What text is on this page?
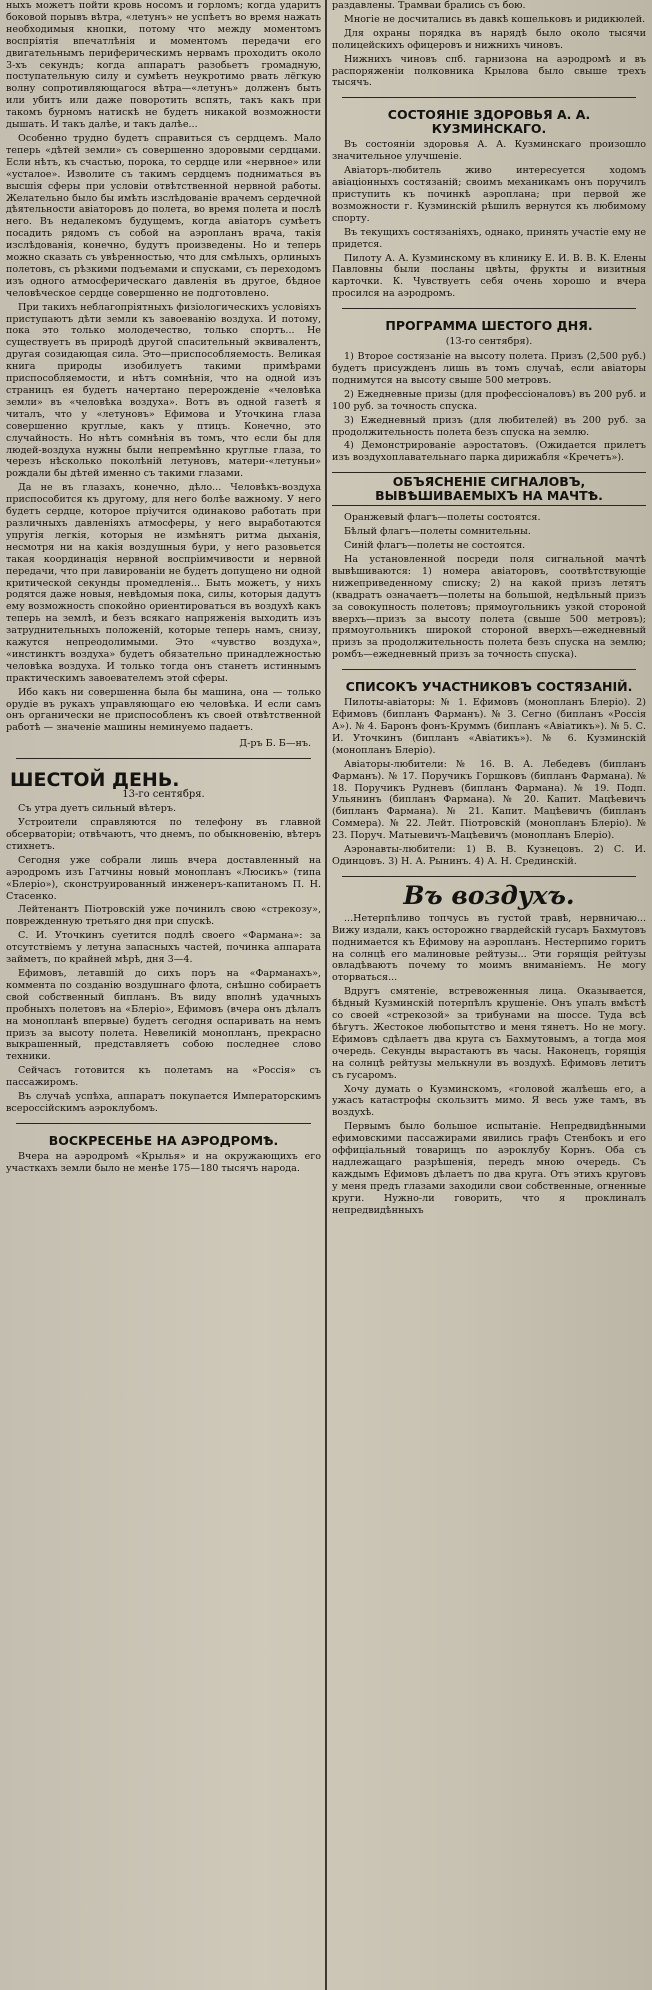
ныхъ можетъ пойти кровь носомъ и горломъ; когда ударитъ боковой порывъ вѣтра, «летунъ» не успѣетъ во время нажать необходимыя кнопки, потому что между моментомъ воспріятія впечатлѣнія и моментомъ передачи его двигательнымъ периферическимъ нервамъ проходитъ около 3-хъ секундъ; когда аппаратъ разобьетъ громадную, поступательную силу и сумѣетъ неукротимо рвать лёгкую волну сопротивляющагося вѣтра—«летунъ» долженъ быть или убитъ или даже поворотить вспять, такъ какъ при такомъ бурномъ натискѣ не будетъ никакой возможности дышать. И такъ далѣе, и такъ далѣе...

Особенно трудно будетъ справиться съ сердцемъ. Мало теперь «дѣтей земли» съ совершенно здоровыми сердцами. Если нѣтъ, къ счастью, порока, то сердце или «нервное» или «усталое». Изволите съ такимъ сердцемъ подниматься въ высшія сферы при условіи отвѣтственной нервной работы. Желательно было бы имѣть изслѣдованіе врачемъ сердечной дѣятельности авіаторовъ до полета, во время полета и послѣ него. Въ недалекомъ будущемъ, когда авіаторъ сумѣетъ посадить рядомъ съ собой на аэропланъ врача, такія изслѣдованія, конечно, будутъ произведены. Но и теперь можно сказать съ увѣренностью, что для смѣлыхъ, орлиныхъ полетовъ, съ рѣзкими подъемами и спусками, съ переходомъ изъ одного атмосферическаго давленія въ другое, бѣдное человѣческое сердце совершенно не подготовлено.

При такихъ неблагопріятныхъ физіологическихъ условіяхъ приступаютъ дѣти земли къ завоеванію воздуха. И потому, пока это только молодечество, только спортъ... Не существуетъ въ природѣ другой спасительный эквивалентъ, другая созидающая сила. Это—приспособляемость. Великая книга природы изобилуетъ такими примѣрами приспособляемости, и нѣтъ сомнѣнія, что на одной изъ страницъ ея будетъ начертано перерожденіе «человѣка земли» въ «человѣка воздуха». Вотъ въ одной газетѣ я читалъ, что у «летуновъ» Ефимова и Уточкина глаза совершенно круглые, какъ у птицъ. Конечно, это случайность. Но нѣтъ сомнѣнія въ томъ, что если бы для людей-воздуха нужны были непремѣнно круглые глаза, то черезъ нѣсколько поколѣній летуновъ, матери-«летуньи» рождали бы дѣтей именно съ такими глазами.

Да не въ глазахъ, конечно, дѣло... Человѣкъ-воздуха приспособится къ другому, для него болѣе важному. У него будетъ сердце, которое пріучится одинаково работать при различныхъ давленіяхъ атмосферы, у него выработаются упругія легкія, которыя не измѣнятъ ритма дыханія, несмотря ни на какія воздушныя бури, у него разовьется такая координація нервной воспріимчивости и нервной передачи, что при лавированіи не будетъ допущено ни одной критической секунды промедленія... Быть можетъ, у нихъ родятся даже новыя, невѣдомыя пока, силы, которыя дадутъ ему возможность спокойно ориентироваться въ воздухѣ какъ теперь на землѣ, и безъ всякаго напряженія выходить изъ затруднительныхъ положеній, которые теперь намъ, снизу, кажутся непреодолимыми. Это «чувство воздуха», «инстинктъ воздуха» будетъ обязательно принадлежностью человѣка воздуха. И только тогда онъ станетъ истиннымъ практическимъ завоевателемъ этой сферы.

Ибо какъ ни совершенна была бы машина, она — только орудіе въ рукахъ управляющаго ею человѣка. И если самъ онъ органически не приспособленъ къ своей отвѣтственной работѣ — значеніе машины неминуемо падаетъ.

Д-ръ Б. Б—нъ.

ШЕСТОЙ ДЕНЬ.
13-го сентября.

Съ утра дуетъ сильный вѣтеръ.

Устроители справляются по телефону въ главной обсерваторіи; отвѣчаютъ, что днемъ, по обыкновенію, вѣтеръ стихнетъ.

Сегодня уже собрали лишь вчера доставленный на аэродромъ изъ Гатчины новый монопланъ «Люсикъ» (типа «Блеріо»), сконструированный инженеръ-капитаномъ П. Н. Стасенко.

Лейтенантъ Піотровскій уже починилъ свою «стрекозу», поврежденную третьяго дня при спускѣ.

С. И. Уточкинъ суетится подлѣ своего «Фармана»: за отсутствіемъ у летуна запасныхъ частей, починка аппарата займетъ, по крайней мѣрѣ, дня 3—4.

Ефимовъ, летавшій до сихъ поръ на «Фарманахъ», коммента по созданію воздушнаго флота, снѣшно собираетъ свой собственный бипланъ. Въ виду вполнѣ удачныхъ пробныхъ полетовъ на «Блеріо», Ефимовъ (вчера онъ дѣлалъ на монопланѣ впервые) будетъ сегодня оспаривать на немъ призъ за высоту полета. Невеликій монопланъ, прекрасно выкрашенный, представляетъ собою последнее слово техники.

Сейчасъ готовится къ полетамъ на «Россія» съ пассажиромъ.

Въ случаѣ успѣха, аппаратъ покупается Императорскимъ всероссійскимъ аэроклубомъ.

ВОСКРЕСЕНЬЕ НА АЭРОДРОМѢ.

Вчера на аэродромѣ «Крылья» и на окружающихъ его участкахъ земли было не менѣе 175—180 тысячъ народа.

раздавлены. Трамваи брались съ бою.

Многіе не досчитались въ давкѣ кошельковъ и ридикюлей.

Для охраны порядка въ нарядѣ было около тысячи полицейскихъ офицеровъ и нижнихъ чиновъ.

Нижнихъ чиновъ спб. гарнизона на аэродромѣ и въ распоряженіи полковника Крылова было свыше трехъ тысячъ.

СОСТОЯНІЕ ЗДОРОВЬЯ А. А. КУЗМИНСКАГО.

Въ состояніи здоровья А. А. Кузминскаго произошло значительное улучшеніе.

Авіаторъ-любитель живо интересуется ходомъ авіаціонныхъ состязаній; своимъ механикамъ онъ поручилъ приступить къ починкѣ аэроплана; при первой же возможности г. Кузминскій рѣшилъ вернутся къ любимому спорту.

Въ текущихъ состязаніяхъ, однако, принять участіе ему не придется.

Пилоту А. А. Кузминскому въ клинику Е. И. В. В. К. Елены Павловны были посланы цвѣты, фрукты и визитныя карточки. К. Чувствуетъ себя очень хорошо и вчера просился на аэродромъ.

ПРОГРАММА ШЕСТОГО ДНЯ.
(13-го сентября).

1) Второе состязаніе на высоту полета. Призъ (2,500 руб.) будетъ присужденъ лишь въ томъ случаѣ, если авіаторы поднимутся на высоту свыше 500 метровъ.

2) Ежедневные призы (для профессіоналовъ) въ 200 руб. и 100 руб. за точность спуска.

3) Ежедневный призъ (для любителей) въ 200 руб. за продолжительность полета безъ спуска на землю.

4) Демонстрированіе аэростатовъ. (Ожидается прилетъ изъ воздухоплавательнаго парка дирижабля «Кречетъ»).

ОБЪЯСНЕНІЕ СИГНАЛОВЪ, ВЫВѢШИВАЕМЫХЪ НА МАЧТѢ.

Оранжевый флагъ—полеты состоятся.

Бѣлый флагъ—полеты сомнительны.

Синій флагъ—полеты не состоятся.

На установленной посреди поля сигнальной мачтѣ вывѣшиваются: 1) номера авіаторовъ, соотвѣтствующіе нижеприведенному списку; 2) на какой призъ летятъ (квадратъ означаетъ—полеты на большой, недѣльный призъ за совокупность полетовъ; прямоугольникъ узкой стороной вверхъ—призъ за высоту полета (свыше 500 метровъ); прямоугольникъ широкой стороной вверхъ—ежедневный призъ за продолжительность полета безъ спуска на землю; ромбъ—ежедневный призъ за точность спуска).

СПИСОКЪ УЧАСТНИКОВЪ СОСТЯЗАНІЙ.

Пилоты-авіаторы: № 1. Ефимовъ (монопланъ Блеріо). 2) Ефимовъ (бипланъ Фарманъ). № 3. Сегно (бипланъ «Россія А»). № 4. Баронъ фонъ-Круммъ (бипланъ «Авіатикъ»). № 5. С. И. Уточкинъ (бипланъ «Авіатикъ»). № 6. Кузминскій (монопланъ Блеріо).

Авіаторы-любители: № 16. В. А. Лебедевъ (бипланъ Фарманъ). № 17. Поручикъ Горшковъ (бипланъ Фармана). № 18. Поручикъ Рудневъ (бипланъ Фармана). № 19. Подп. Ульянинъ (бипланъ Фармана). № 20. Капит. Мацѣевичъ (бипланъ Фармана). № 21. Капит. Мацѣевичъ (бипланъ Соммера). № 22. Лейт. Піотровскій (монопланъ Блеріо). № 23. Поруч. Матыевичъ-Мацѣевичъ (монопланъ Блеріо).

Аэронавты-любители: 1) В. В. Кузнецовъ. 2) С. И. Одинцовъ. 3) Н. А. Рынинъ. 4) А. Н. Срединскій.

Въ воздухъ.

...Нетерпѣливо топчусь въ густой травѣ, нервничаю... Вижу издали, какъ осторожно гвардейскій гусаръ Бахмутовъ поднимается къ Ефимову на аэропланъ. Нестерпимо горитъ на солнцѣ его малиновые рейтузы... Эти горящія рейтузы овладѣваютъ почему то моимъ вниманіемъ. Не могу оторваться...

Вдругъ смятеніе, встревоженныя лица. Оказывается, бѣдный Кузминскій потерпѣлъ крушеніе. Онъ упалъ вмѣстѣ со своей «стрекозой» за трибунами на шоссе. Туда всѣ бѣгутъ. Жестокое любопытство и меня тянетъ. Но не могу. Ефимовъ сдѣлаетъ два круга съ Бахмутовымъ, а тогда моя очередь. Секунды вырастаютъ въ часы. Наконецъ, горящія на солнцѣ рейтузы мелькнули въ воздухѣ. Ефимовъ летитъ съ гусаромъ.

Хочу думать о Кузминскомъ, «головой жалѣешь его, а ужасъ катастрофы скользитъ мимо. Я весь уже тамъ, въ воздухѣ.

Первымъ было большое испытаніе. Непредвидѣнными ефимовскими пассажирами явились графъ Стенбокъ и его оффиціальный товарищъ по аэроклубу Корнъ. Оба съ надлежащаго разрѣшенія, передъ мною очередь. Съ каждымъ Ефимовъ дѣлаетъ по два круга. Отъ этихъ круговъ у меня предъ глазами заходили свои собственные, огненные круги. Нужно-ли говорить, что я проклиналъ непредвидѣнныхъ
